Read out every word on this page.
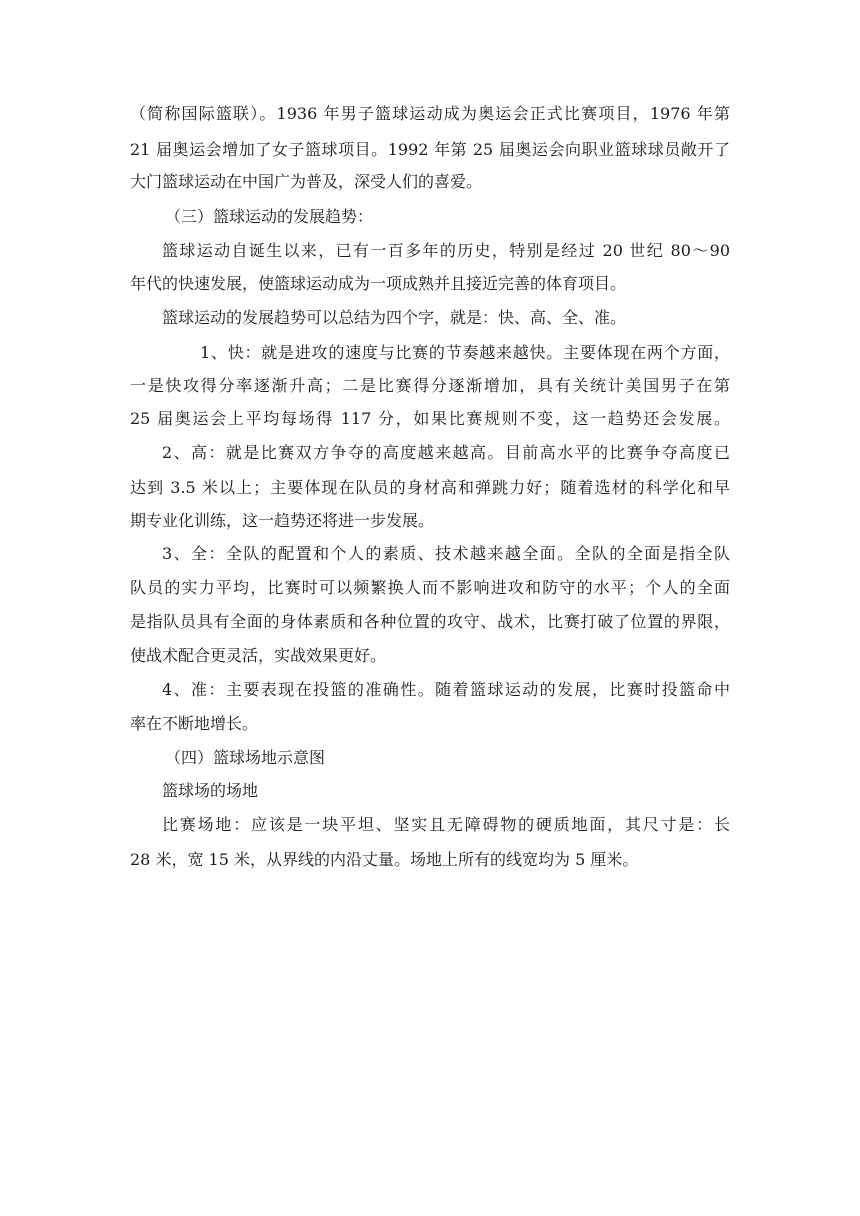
（简称国际篮联）。1936 年男子篮球运动成为奥运会正式比赛项目，1976 年第
21 届奥运会增加了女子篮球项目。1992 年第 25 届奥运会向职业篮球球员敞开了
大门篮球运动在中国广为普及，深受人们的喜爱。
（三）篮球运动的发展趋势：
篮球运动自诞生以来，已有一百多年的历史，特别是经过 20 世纪 80～90
年代的快速发展，使篮球运动成为一项成熟并且接近完善的体育项目。
篮球运动的发展趋势可以总结为四个字，就是：快、高、全、准。
1、快：就是进攻的速度与比赛的节奏越来越快。主要体现在两个方面，
一是快攻得分率逐渐升高；二是比赛得分逐渐增加，具有关统计美国男子在第
25 届奥运会上平均每场得 117 分，如果比赛规则不变，这一趋势还会发展。
2、高：就是比赛双方争夺的高度越来越高。目前高水平的比赛争夺高度已
达到 3.5 米以上；主要体现在队员的身材高和弹跳力好；随着选材的科学化和早
期专业化训练，这一趋势还将进一步发展。
3、全：全队的配置和个人的素质、技术越来越全面。全队的全面是指全队
队员的实力平均，比赛时可以频繁换人而不影响进攻和防守的水平；个人的全面
是指队员具有全面的身体素质和各种位置的攻守、战术，比赛打破了位置的界限，
使战术配合更灵活，实战效果更好。
4、准：主要表现在投篮的准确性。随着篮球运动的发展，比赛时投篮命中
率在不断地增长。
（四）篮球场地示意图
篮球场的场地
比赛场地：应该是一块平坦、坚实且无障碍物的硬质地面，其尺寸是：长
28 米，宽 15 米，从界线的内沿丈量。场地上所有的线宽均为 5 厘米。
